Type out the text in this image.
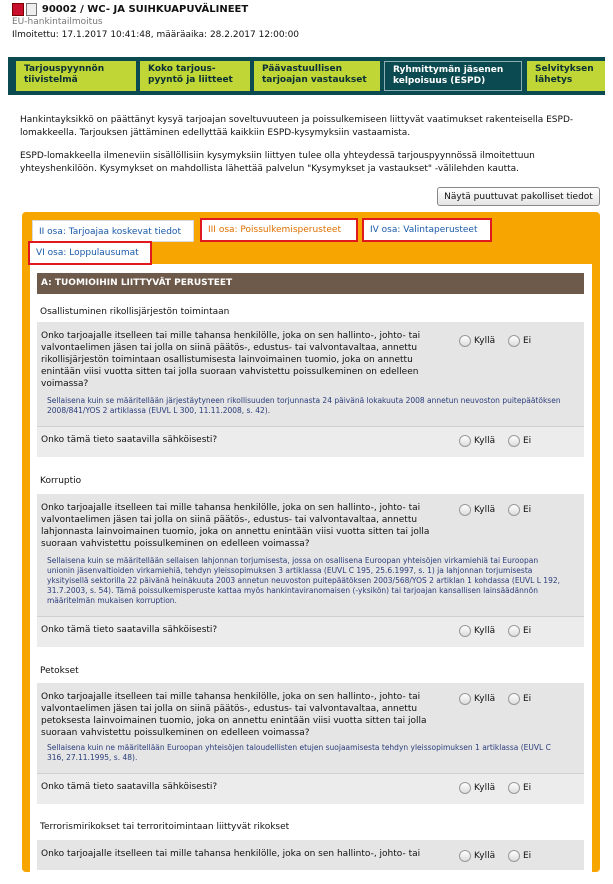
90002 / WC- JA SUIHKUAPUVÄLINEET
EU-hankintailmoitus
Ilmoitettu: 17.1.2017 10:41:48, määräaika: 28.2.2017 12:00:00
Tarjouspyynnön tiivistelmä
Koko tarjous-pyyntö ja liitteet
Päävastuullisen tarjoajan vastaukset
Ryhmittymän jäsenen kelpoisuus (ESPD)
Selvityksen lähetys
Hankintayksikkö on päättänyt kysyä tarjoajan soveltuvuuteen ja poissulkemiseen liittyvät vaatimukset rakenteisella ESPD-lomakkeella. Tarjouksen jättäminen edellyttää kaikkiin ESPD-kysymyksiin vastaamista.
ESPD-lomakkeella ilmeneviin sisällöllisiin kysymyksiin liittyen tulee olla yhteydessä tarjouspyynnössä ilmoitettuun yhteyshenkilöön. Kysymykset on mahdollista lähettää palvelun "Kysymykset ja vastaukset" -välilehden kautta.
Näytä puuttuvat pakolliset tiedot
II osa: Tarjoajaa koskevat tiedot	III osa: Poissulkemisperusteet	IV osa: Valintaperusteet
VI osa: Loppulausumat
A: TUOMIOIHIN LIITTYVÄT PERUSTEET
Osallistuminen rikollisjärjestön toimintaan
Onko tarjoajalle itselleen tai mille tahansa henkilölle, joka on sen hallinto-, johto- tai valvontaelimen jäsen tai jolla on siinä päätös-, edustus- tai valvontavaltaa, annettu rikollisjärjestön toimintaan osallistumisesta lainvoimainen tuomio, joka on annettu enintään viisi vuotta sitten tai jolla suoraan vahvistettu poissulkeminen on edelleen voimassa?
Sellaisena kuin se määritellään järjestäytyneen rikollisuuden torjunnasta 24 päivänä lokakuuta 2008 annetun neuvoston puitepäätöksen 2008/841/YOS 2 artiklassa (EUVL L 300, 11.11.2008, s. 42).
Kyllä	Ei
Onko tämä tieto saatavilla sähköisesti?	Kyllä	Ei
Korruptio
Onko tarjoajalle itselleen tai mille tahansa henkilölle, joka on sen hallinto-, johto- tai valvontaelimen jäsen tai jolla on siinä päätös-, edustus- tai valvontavaltaa, annettu lahjonnasta lainvoimainen tuomio, joka on annettu enintään viisi vuotta sitten tai jolla suoraan vahvistettu poissulkeminen on edelleen voimassa?
Sellaisena kuin se määritellään sellaisen lahjonnan torjumisesta, jossa on osallisena Euroopan yhteisöjen virkamiehiä tai Euroopan unionin jäsenvaltioiden virkamiehiä, tehdyn yleissopimuksen 3 artiklassa (EUVL C 195, 25.6.1997, s. 1) ja lahjonnan torjumisesta yksityisellä sektorilla 22 päivänä heinäkuuta 2003 annetun neuvoston puitepäätöksen 2003/568/YOS 2 artiklan 1 kohdassa (EUVL L 192, 31.7.2003, s. 54). Tämä poissulkemisperuste kattaa myös hankintaviranomaisen (-yksikön) tai tarjoajan kansallisen lainsäädännön määritelmän mukaisen korruption.
Kyllä	Ei
Onko tämä tieto saatavilla sähköisesti?	Kyllä	Ei
Petokset
Onko tarjoajalle itselleen tai mille tahansa henkilölle, joka on sen hallinto-, johto- tai valvontaelimen jäsen tai jolla on siinä päätös-, edustus- tai valvontavaltaa, annettu petoksesta lainvoimainen tuomio, joka on annettu enintään viisi vuotta sitten tai jolla suoraan vahvistettu poissulkeminen on edelleen voimassa?
Sellaisena kuin ne määritellään Euroopan yhteisöjen taloudellisten etujen suojaamisesta tehdyn yleissopimuksen 1 artiklassa (EUVL C 316, 27.11.1995, s. 48).
Kyllä	Ei
Onko tämä tieto saatavilla sähköisesti?	Kyllä	Ei
Terrorismirikokset tai terroritoimintaan liittyvät rikokset
Onko tarjoajalle itselleen tai mille tahansa henkilölle, joka on sen hallinto-, johto- tai	Kyllä	Ei
